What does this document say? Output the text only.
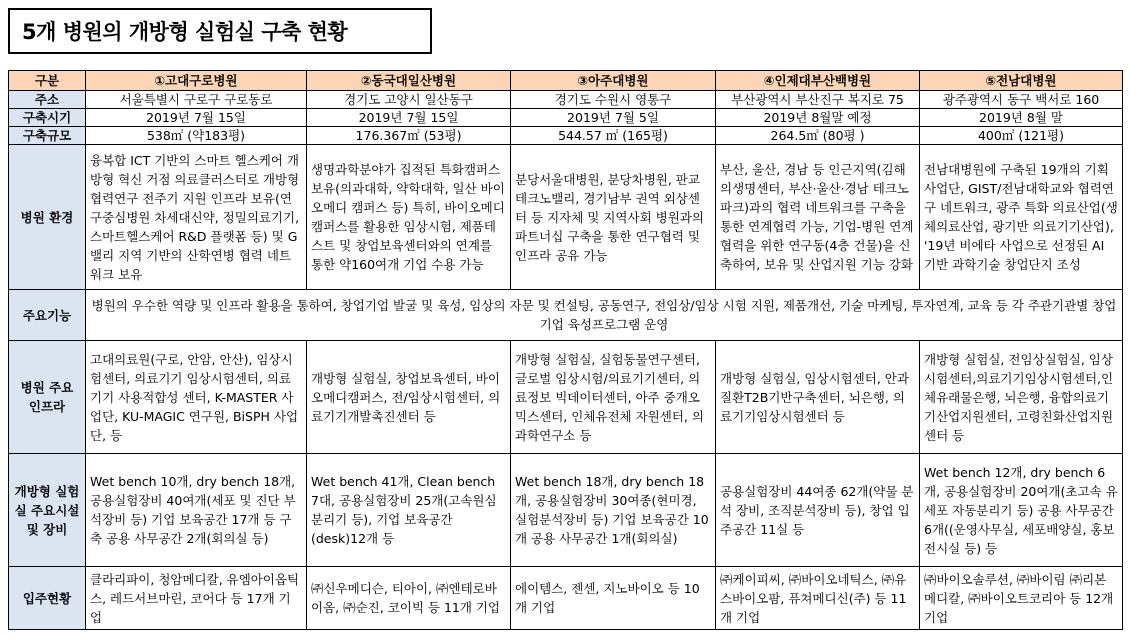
5개 병원의 개방형 실험실 구축 현황
구분	①고대구로병원	②동국대일산병원	③아주대병원	④인제대부산백병원	⑤전남대병원
주소	서울특별시 구로구 구로동로	경기도 고양시 일산동구	경기도 수원시 영통구	부산광역시 부산진구 복지로 75	광주광역시 동구 백서로 160
구축시기	2019년 7월 15일	2019년 7월 15일	2019년 7월 5일	2019년 8월말 예정	2019년 8월 말
구축규모	538㎡ (약183평)	176.367㎡ (53평)	544.57 ㎡ (165평)	264.5㎡ (80평 )	400㎡ (121평)
병원 환경	융복합 ICT 기반의 스마트 헬스케어 개방형 혁신 거점 의료클러스터로 개방형 협력연구 전주기 지원 인프라 보유(연구중심병원 차세대신약, 정밀의료기기, 스마트헬스케어 R&D 플랫폼 등) 및 G밸리 지역 기반의 산학연병 협력 네트워크 보유	생명과학분야가 집적된 특화캠퍼스 보유(의과대학, 약학대학, 일산 바이오메디 캠퍼스 등) 특히, 바이오메디캠퍼스를 활용한 임상시험, 제품테스트 및 창업보육센터와의 연계를 통한 약160여개 기업 수용 가능	분당서울대병원, 분당차병원, 판교테크노밸리, 경기남부 권역 외상센터 등 지자체 및 지역사회 병원과의 파트너십 구축을 통한 연구협력 및 인프라 공유 가능	부산, 울산, 경남 등 인근지역(김해의생명센터, 부산·울산·경남 테크노파크)과의 협력 네트워크를 구축을 통한 연계협력 가능, 기업-병원 연계협력을 위한 연구동(4층 건물)을 신축하여, 보유 및 산업지원 기능 강화	전남대병원에 구축된 19개의 기획사업단, GIST/전남대학교와 협력연구 네트워크, 광주 특화 의료산업(생체의료산업, 광기반 의료기기산업), '19년 비에타 사업으로 선정된 AI 기반 과학기술 창업단지 조성
주요기능	병원의 우수한 역량 및 인프라 활용을 통하여, 창업기업 발굴 및 육성, 임상의 자문 및 컨설팅, 공동연구, 전임상/임상 시험 지원, 제품개선, 기술 마케팅, 투자연계, 교육 등 각 주관기관별 창업기업 육성프로그램 운영				
병원 주요 인프라	고대의료원(구로, 안암, 안산), 임상시험센터, 의료기기 임상시험센터, 의료기기 사용적합성 센터, K-MASTER 사업단, KU-MAGIC 연구원, BiSPH 사업단, 등	개방형 실험실, 창업보육센터, 바이오메디캠퍼스, 전/임상시험센터, 의료기기개발촉진센터 등	개방형 실험실, 실험동물연구센터, 글로벌 임상시험/의료기기센터, 의료정보 빅데이터센터, 아주 중개오믹스센터, 인체유전체 자원센터, 의과학연구소 등	개방형 실험실, 임상시험센터, 안과질환T2B기반구축센터, 뇌은행, 의료기기임상시험센터 등	개방형 실험실, 전임상실험실, 임상시험센터,의료기기임상시험센터,인체유래물은행, 뇌은행, 융합의료기기산업지원센터, 고령친화산업지원센터 등
개방형 실험실 주요시설 및 장비	Wet bench 10개, dry bench 18개, 공용실험장비 40여개(세포 및 진단 부석장비 등) 기업 보육공간 17개 등 구축 공용 사무공간 2개(회의실 등)	Wet bench 41개, Clean bench 7대, 공용실험장비 25개(고속원심분리기 등), 기업 보육공간(desk)12개 등	Wet bench 18개, dry bench 18개, 공용실험장비 30여종(현미경, 실험분석장비 등) 기업 보육공간 10개 공용 사무공간 1개(회의실)	공용실험장비 44여종 62개(약물 분석 장비, 조직분석장비 등), 창업 입주공간 11실 등	Wet bench 12개, dry bench 6개, 공용실험장비 20여개(초고속 유세포 자동분리기 등) 공용 사무공간 6개((운영사무실, 세포배양실, 홍보전시실 등) 등
입주현황	클라리파이, 청암메디칼, 유엠아이옵틱스, 레드서브마린, 코어다 등 17개 기업	㈜신우메디슨, 티아이, ㈜엔테로바이옴, ㈜순진, 코이빅 등 11개 기업	에이템스, 젠센, 지노바이오 등 10개 기업	㈜케이피씨, ㈜바이오네틱스, ㈜유스바이오팜, 퓨쳐메디신(주) 등 11개 기업	㈜바이오솔루션, ㈜바이림 ㈜리본메디칼, ㈜바이오트코리아 등 12개 기업
